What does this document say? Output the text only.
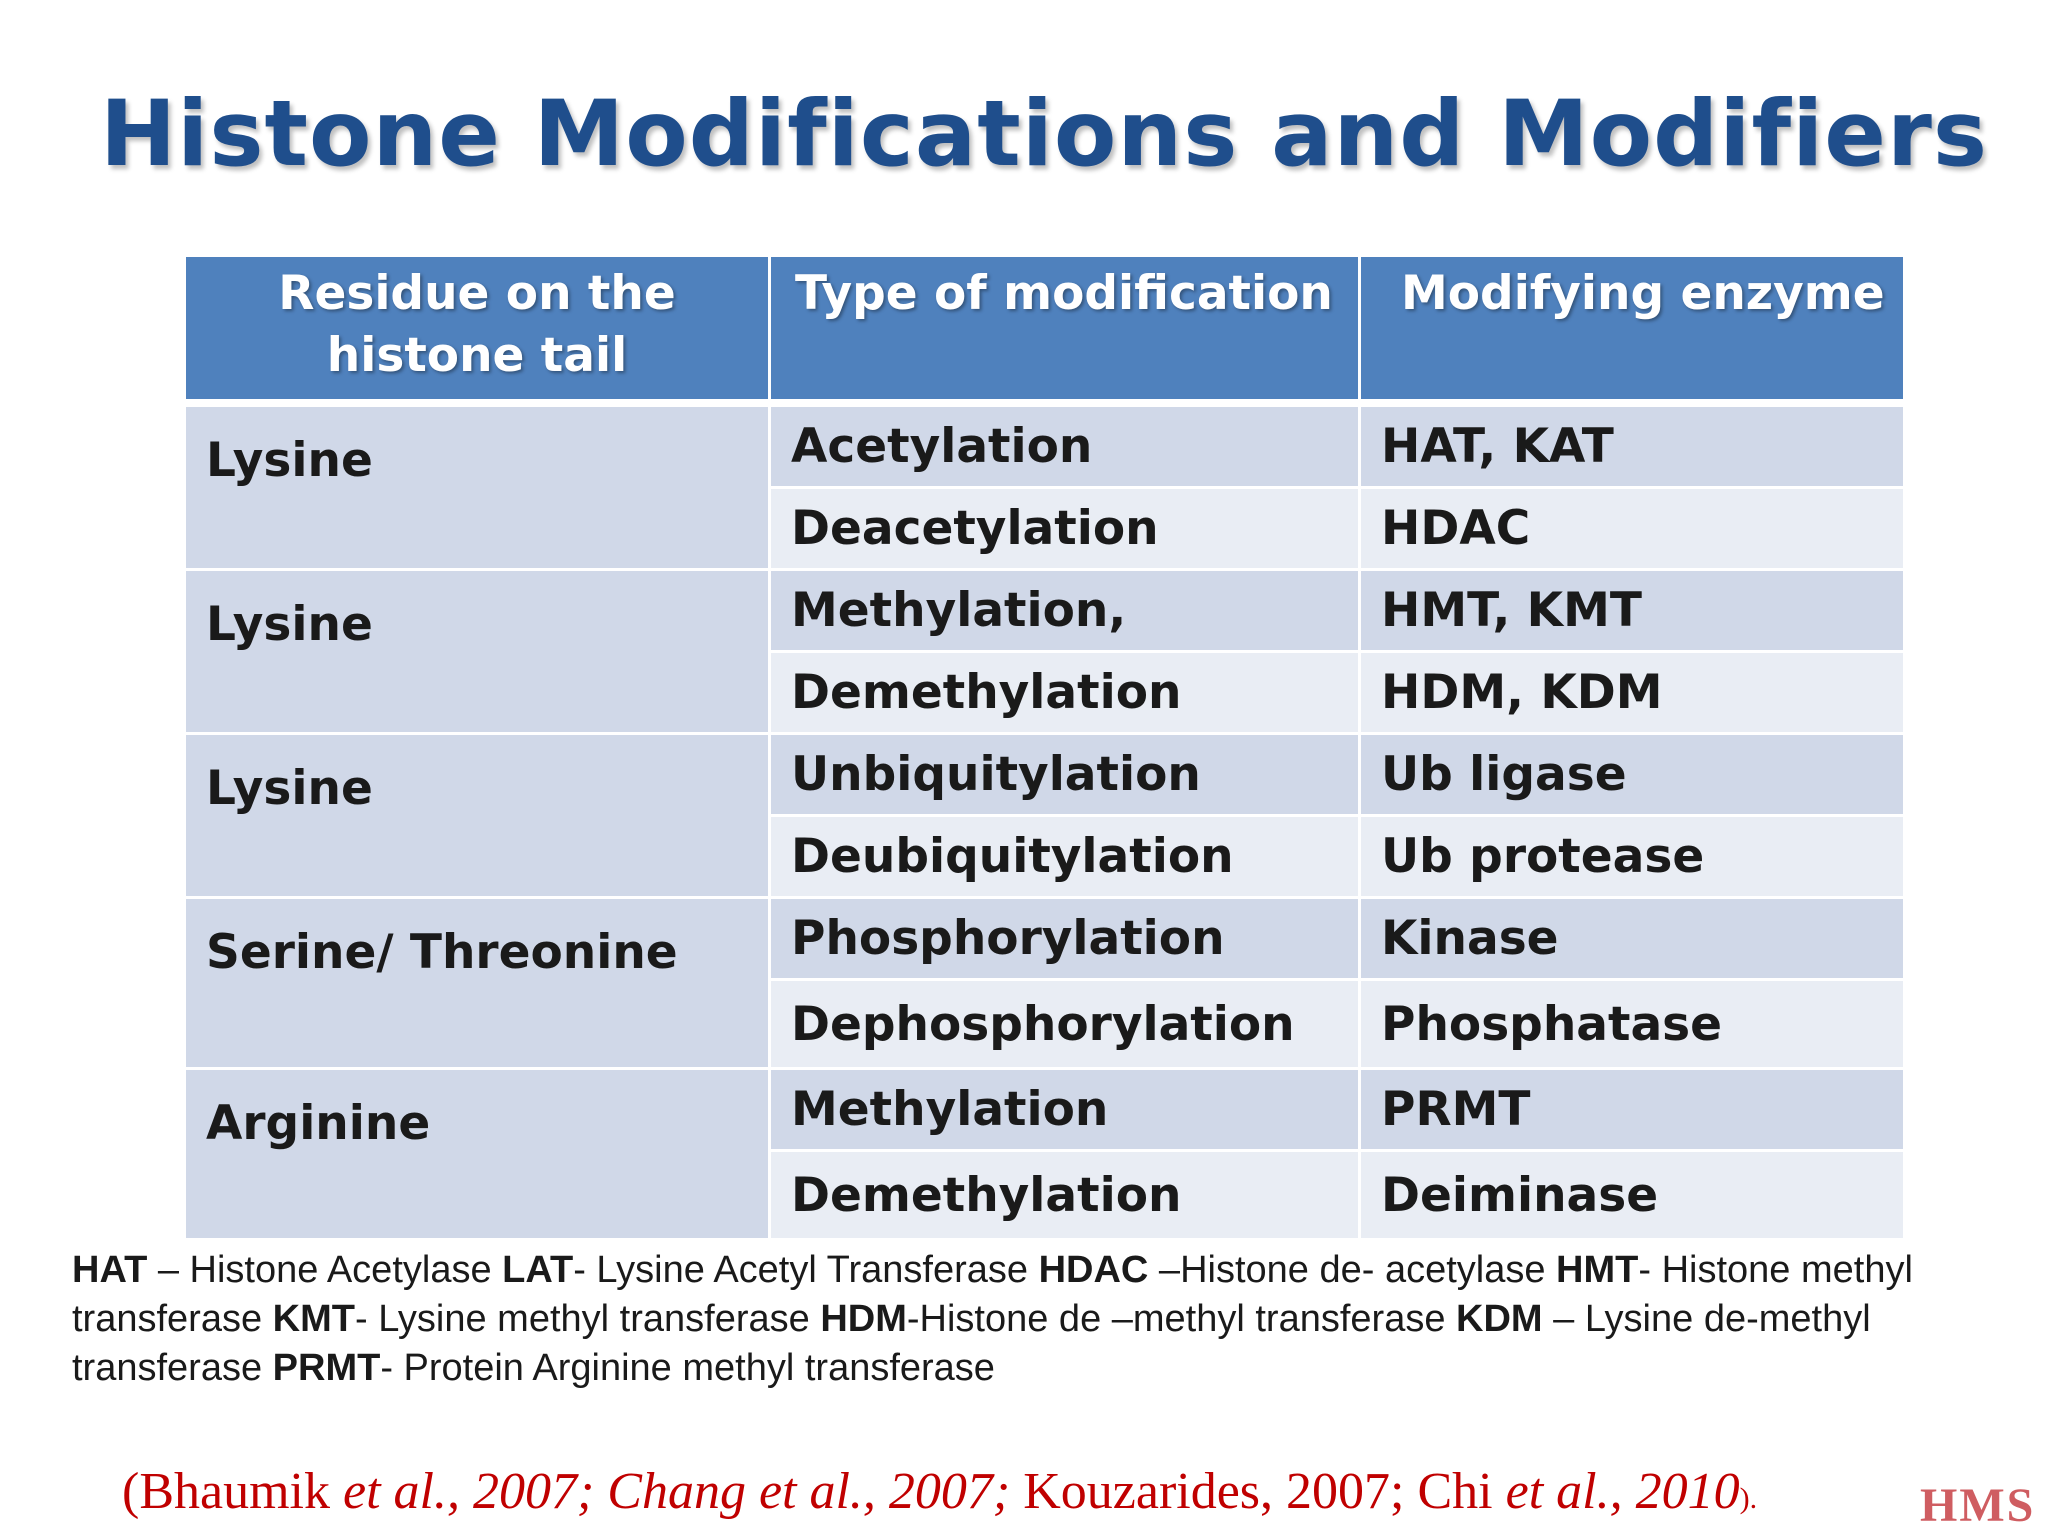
Histone Modifications and Modifiers
Residue on the histone tail	Type of modification	Modifying enzyme
Lysine	Acetylation	HAT, KAT
	Deacetylation	HDAC
Lysine	Methylation,	HMT, KMT
	Demethylation	HDM, KDM
Lysine	Unbiquitylation	Ub ligase
	Deubiquitylation	Ub protease
Serine/ Threonine	Phosphorylation	Kinase
	Dephosphorylation	Phosphatase
Arginine	Methylation	PRMT
	Demethylation	Deiminase
HAT – Histone Acetylase LAT- Lysine Acetyl Transferase HDAC –Histone de- acetylase HMT- Histone methyl transferase KMT- Lysine methyl transferase HDM-Histone de –methyl transferase KDM – Lysine de-methyl transferase PRMT- Protein Arginine methyl transferase
(Bhaumik et al., 2007; Chang et al., 2007; Kouzarides, 2007; Chi et al., 2010).	HMS
